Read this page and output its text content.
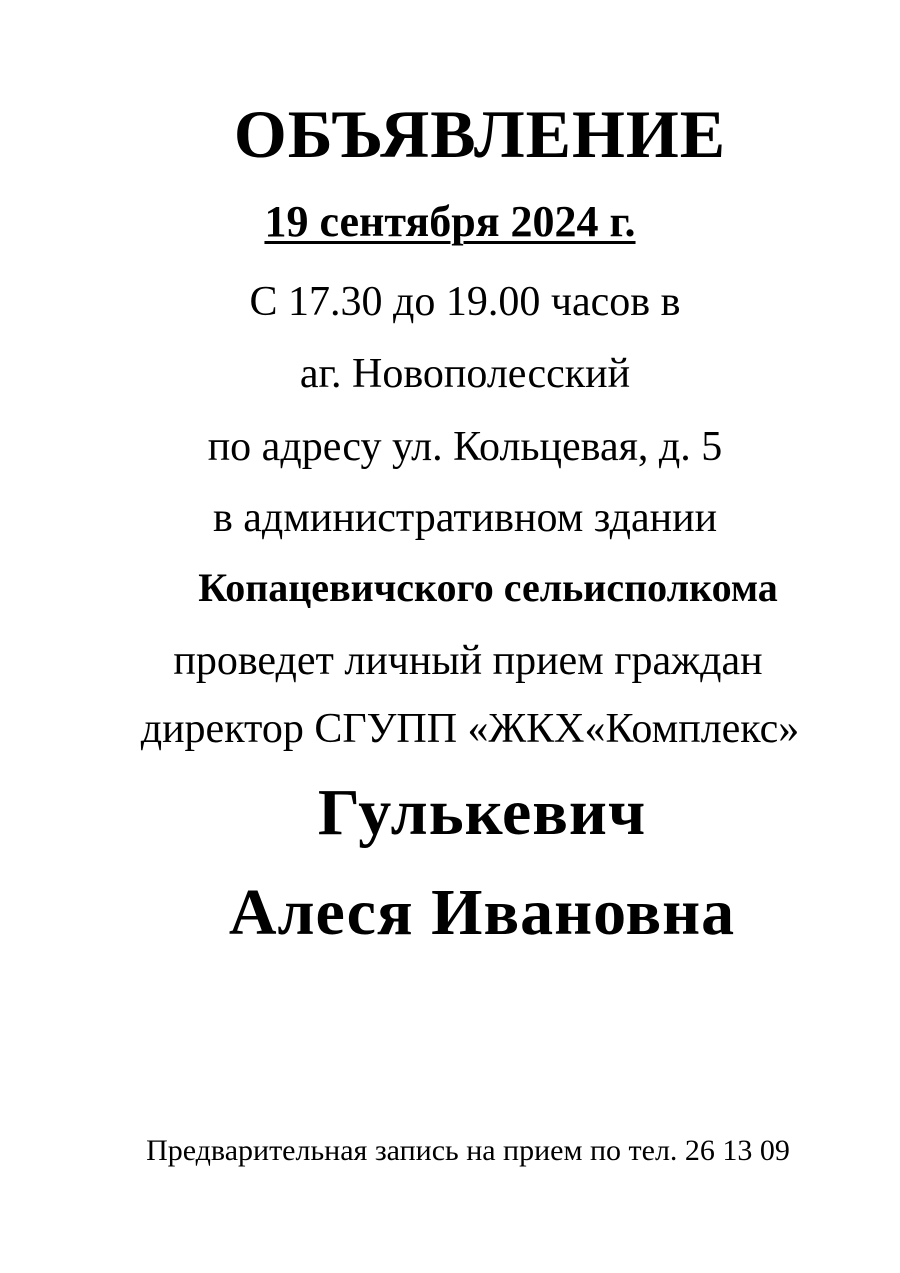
ОБЪЯВЛЕНИЕ
19 сентября 2024 г.
С 17.30 до 19.00 часов в
аг. Новополесский
по адресу ул. Кольцевая, д. 5
в административном здании
Копацевичского сельисполкома
проведет личный прием граждан
директор СГУПП «ЖКХ«Комплекс»
Гулькевич
Алеся Ивановна
Предварительная запись на прием по тел. 26 13 09
